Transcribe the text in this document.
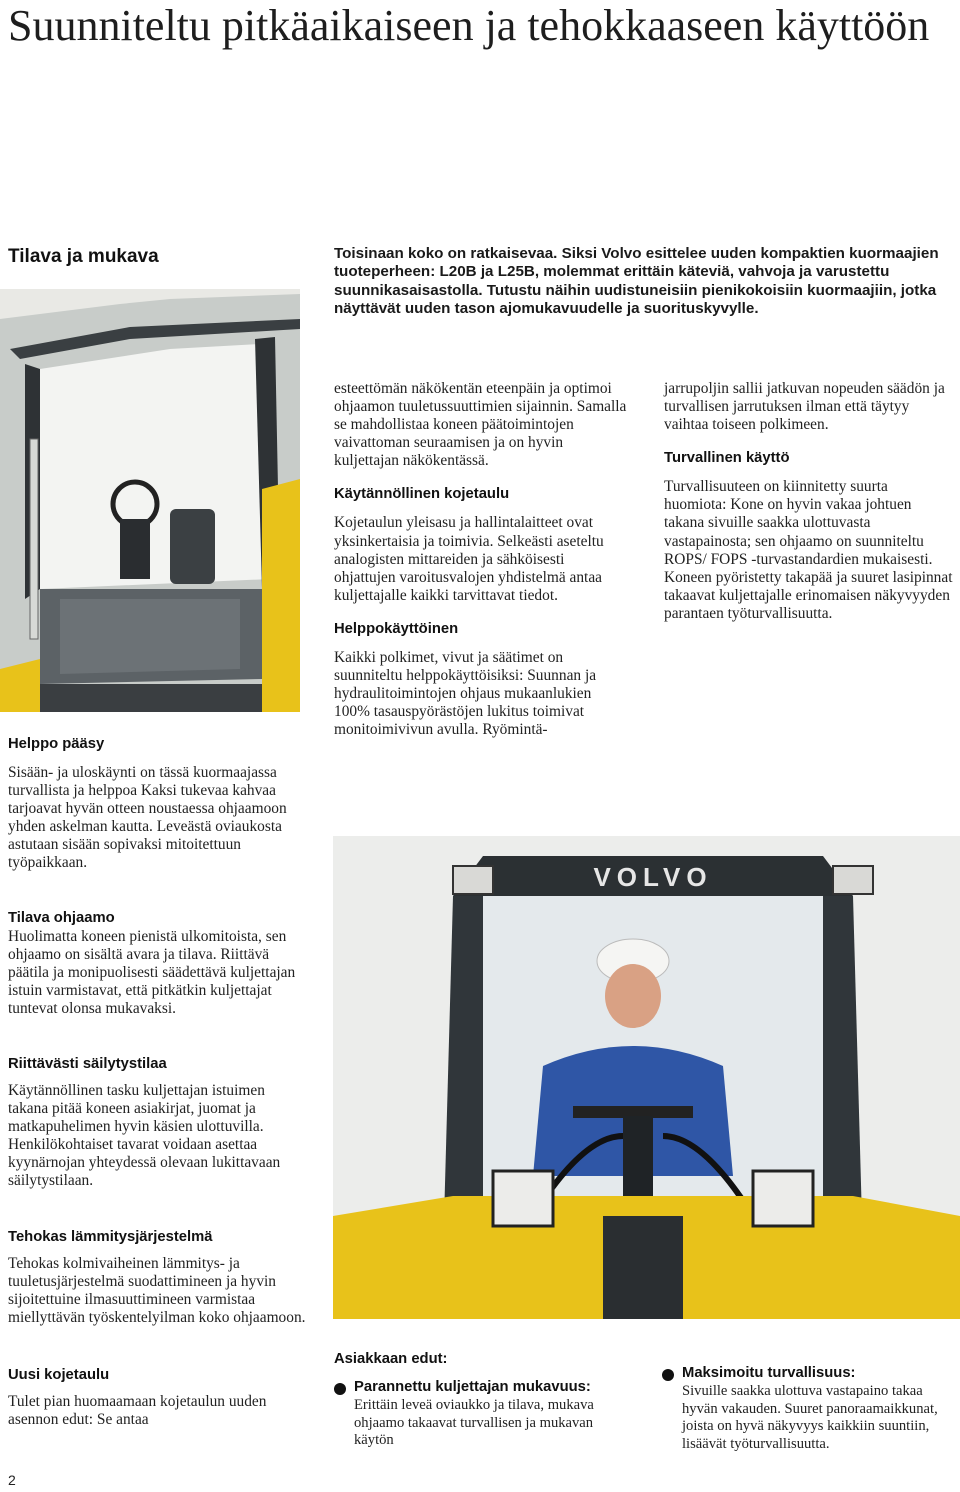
Suunniteltu pitkäaikaiseen ja tehokkaaseen käyttöön
Tilava ja mukava	Toisinaan koko on ratkaisevaa. Siksi Volvo esittelee uuden kompaktien kuormaajien tuoteperheen: L20B ja L25B, molemmat erittäin käteviä, vahvoja ja varustettu suunnikasaisastolla. Tutustu näihin uudistuneisiin pienikokoisiin kuormaajiin, jotka näyttävät uuden tason ajomukavuudelle ja suorituskyvylle.
Helppo pääsy

Sisään- ja uloskäynti on tässä kuormaajassa turvallista ja helppoa Kaksi tukevaa kahvaa tarjoavat hyvän otteen noustaessa ohjaamoon yhden askelman kautta. Leveästä oviaukosta astutaan sisään sopivaksi mitoitettuun työpaikkaan.

Tilava ohjaamo

Huolimatta koneen pienistä ulkomitoista, sen ohjaamo on sisältä avara ja tilava. Riittävä päätila ja monipuolisesti säädettävä kuljettajan istuin varmistavat, että pitkätkin kuljettajat tuntevat olonsa mukavaksi.

Riittävästi säilytystilaa

Käytännöllinen tasku kuljettajan istuimen takana pitää koneen asiakirjat, juomat ja matkapuhelimen hyvin käsien ulottuvilla. Henkilökohtaiset tavarat voidaan asettaa kyynärnojan yhteydessä olevaan lukittavaan säilytystilaan.

Tehokas lämmitysjärjestelmä

Tehokas kolmivaiheinen lämmitys- ja tuuletusjärjestelmä suodattimineen ja hyvin sijoitettuine ilmasuuttimineen varmistaa miellyttävän työskentelyilman koko ohjaamoon.

Uusi kojetaulu

Tulet pian huomaamaan kojetaulun uuden asennon edut: Se antaa

esteettömän näkökentän eteenpäin ja optimoi ohjaamon tuuletussuuttimien sijainnin. Samalla se mahdollistaa koneen päätoimintojen vaivattoman seuraamisen ja on hyvin kuljettajan näkökentässä.

Käytännöllinen kojetaulu

Kojetaulun yleisasu ja hallintalaitteet ovat yksinkertaisia ja toimivia. Selkeästi aseteltu analogisten mittareiden ja sähköisesti ohjattujen varoitusvalojen yhdistelmä antaa kuljettajalle kaikki tarvittavat tiedot.

Helppokäyttöinen

Kaikki polkimet, vivut ja säätimet on suunniteltu helppokäyttöisiksi: Suunnan ja hydraulitoimintojen ohjaus mukaanlukien 100% tasauspyörästöjen lukitus toimivat monitoimivivun avulla. Ryömintä-

jarrupoljin sallii jatkuvan nopeuden säädön ja turvallisen jarrutuksen ilman että täytyy vaihtaa toiseen polkimeen.

Turvallinen käyttö

Turvallisuuteen on kiinnitetty suurta huomiota: Kone on hyvin vakaa johtuen takana sivuille saakka ulottuvasta vastapainosta; sen ohjaamo on suunniteltu ROPS/ FOPS -turvastandardien mukaisesti. Koneen pyöristetty takapää ja suuret lasipinnat takaavat kuljettajalle erinomaisen näkyvyyden parantaen työturvallisuutta.

VOLVO
Asiakkaan edut:
Parannettu kuljettajan mukavuus:

Erittäin leveä oviaukko ja tilava, mukava ohjaamo takaavat turvallisen ja mukavan käytön

Maksimoitu turvallisuus:

Sivuille saakka ulottuva vastapaino takaa hyvän vakauden. Suuret panoraamaikkunat, joista on hyvä näkyvyys kaikkiin suuntiin, lisäävät työturvallisuutta.

2
